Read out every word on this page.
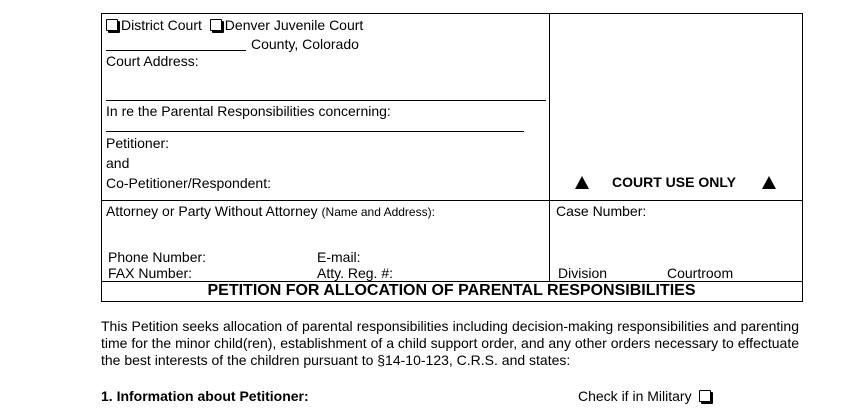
District Court Denver Juvenile Court
County, Colorado
Court Address:
In re the Parental Responsibilities concerning:
Petitioner:
and
Co-Petitioner/Respondent:	COURT USE ONLY
Attorney or Party Without Attorney (Name and Address):	Case Number:
Phone Number:	E-mail:
FAX Number:	Atty. Reg. #:	Division	Courtroom
PETITION FOR ALLOCATION OF PARENTAL RESPONSIBILITIES
This Petition seeks allocation of parental responsibilities including decision-making responsibilities and parenting time for the minor child(ren), establishment of a child support order, and any other orders necessary to effectuate the best interests of the children pursuant to §14-10-123, C.R.S. and states:
1. Information about Petitioner:	Check if in Military
